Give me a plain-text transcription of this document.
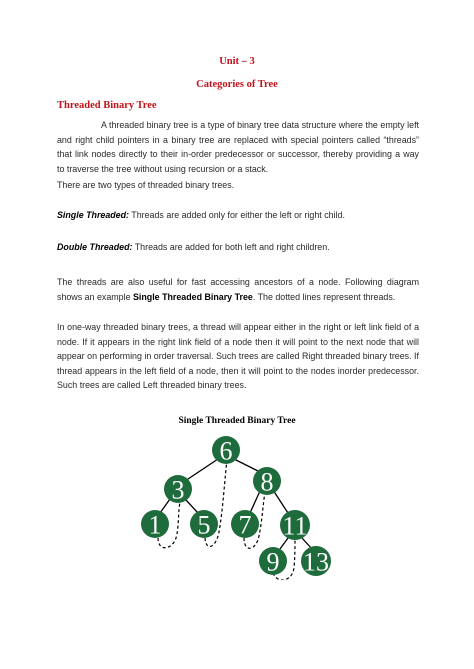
Unit – 3
Categories of Tree
Threaded Binary Tree
A threaded binary tree is a type of binary tree data structure where the empty left and right child pointers in a binary tree are replaced with special pointers called “threads” that link nodes directly to their in-order predecessor or successor, thereby providing a way to traverse the tree without using recursion or a stack.
There are two types of threaded binary trees.
Single Threaded: Threads are added only for either the left or right child.
Double Threaded: Threads are added for both left and right children.
The threads are also useful for fast accessing ancestors of a node. Following diagram shows an example Single Threaded Binary Tree. The dotted lines represent threads.
In one-way threaded binary trees, a thread will appear either in the right or left link field of a node. If it appears in the right link field of a node then it will point to the next node that will appear on performing in order traversal. Such trees are called Right threaded binary trees. If thread appears in the left field of a node, then it will point to the nodes inorder predecessor. Such trees are called Left threaded binary trees.
Single Threaded Binary Tree
6
3	8
1 5 7 11
9 13
